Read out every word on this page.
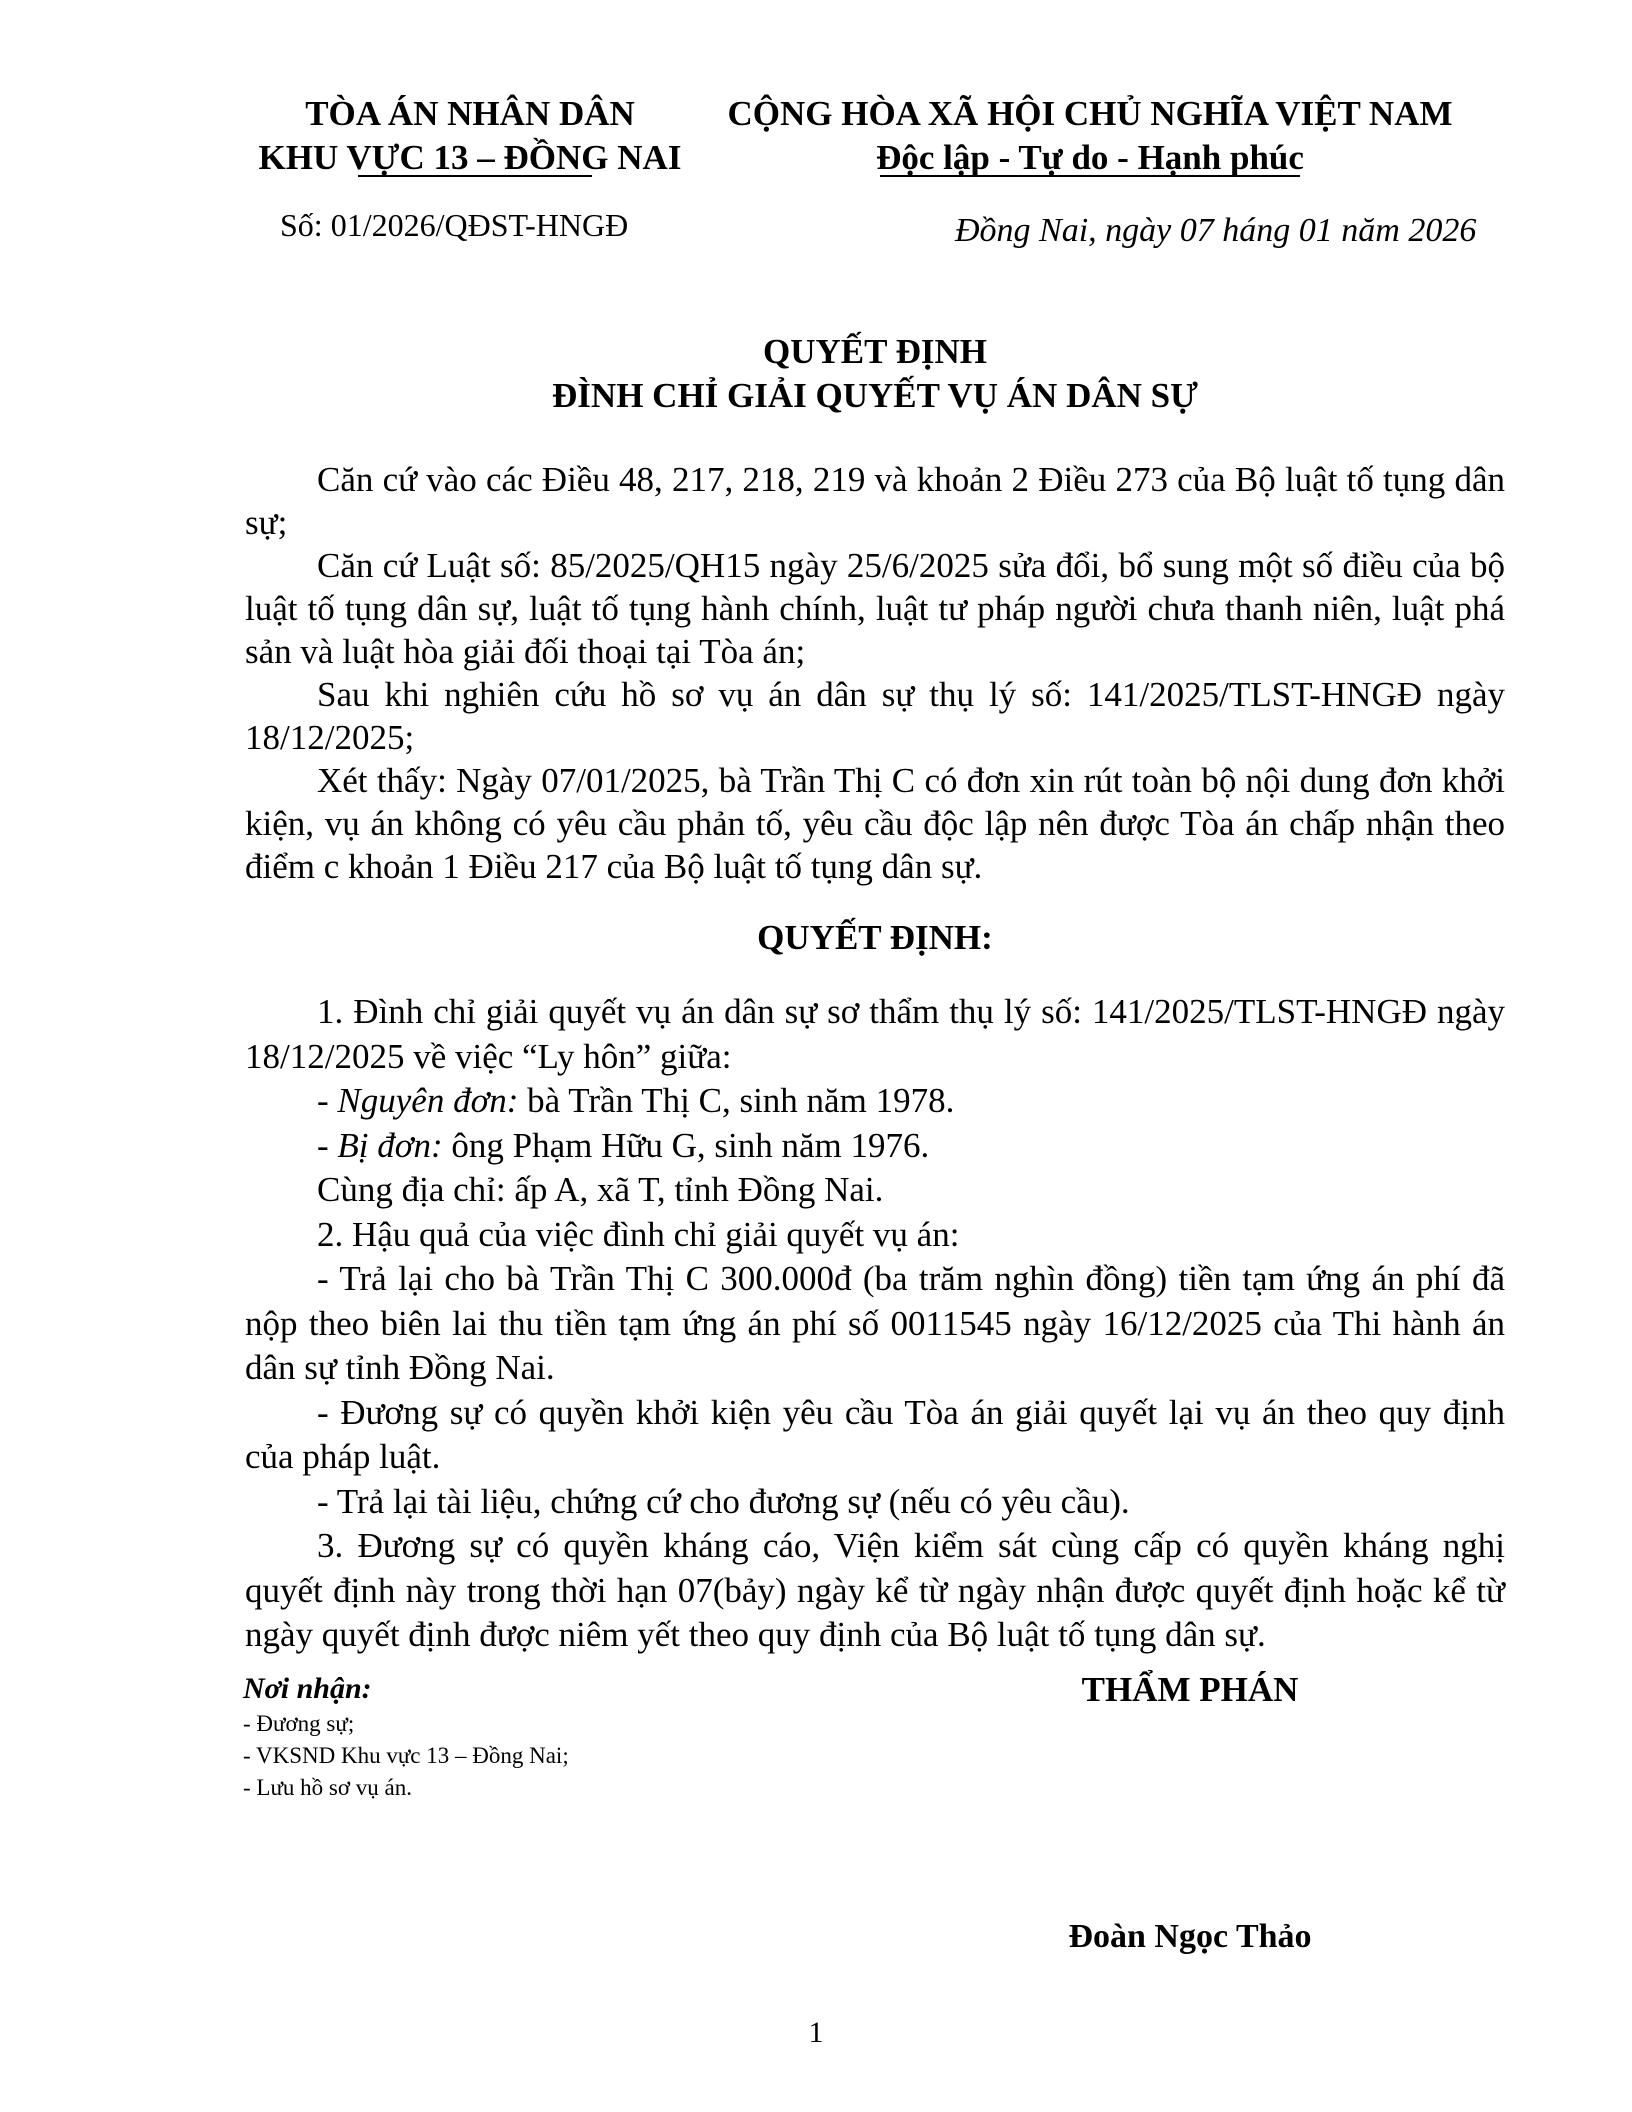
TÒA ÁN NHÂN DÂN
KHU VỰC 13 – ĐỒNG NAI
CỘNG HÒA XÃ HỘI CHỦ NGHĨA VIỆT NAM
Độc lập - Tự do - Hạnh phúc
Số: 01/2026/QĐST-HNGĐ	Đồng Nai, ngày 07 háng 01 năm 2026
QUYẾT ĐỊNH
ĐÌNH CHỈ GIẢI QUYẾT VỤ ÁN DÂN SỰ

Căn cứ vào các Điều 48, 217, 218, 219 và khoản 2 Điều 273 của Bộ luật tố tụng dân sự;

Căn cứ Luật số: 85/2025/QH15 ngày 25/6/2025 sửa đổi, bổ sung một số điều của bộ luật tố tụng dân sự, luật tố tụng hành chính, luật tư pháp người chưa thanh niên, luật phá sản và luật hòa giải đối thoại tại Tòa án;

Sau khi nghiên cứu hồ sơ vụ án dân sự thụ lý số: 141/2025/TLST-HNGĐ ngày 18/12/2025;

Xét thấy: Ngày 07/01/2025, bà Trần Thị C có đơn xin rút toàn bộ nội dung đơn khởi kiện, vụ án không có yêu cầu phản tố, yêu cầu độc lập nên được Tòa án chấp nhận theo điểm c khoản 1 Điều 217 của Bộ luật tố tụng dân sự.

QUYẾT ĐỊNH:

1. Đình chỉ giải quyết vụ án dân sự sơ thẩm thụ lý số: 141/2025/TLST-HNGĐ ngày 18/12/2025 về việc “Ly hôn” giữa:

- Nguyên đơn: bà Trần Thị C, sinh năm 1978.

- Bị đơn: ông Phạm Hữu G, sinh năm 1976.

Cùng địa chỉ: ấp A, xã T, tỉnh Đồng Nai.

2. Hậu quả của việc đình chỉ giải quyết vụ án:

- Trả lại cho bà Trần Thị C 300.000đ (ba trăm nghìn đồng) tiền tạm ứng án phí đã nộp theo biên lai thu tiền tạm ứng án phí số 0011545 ngày 16/12/2025 của Thi hành án dân sự tỉnh Đồng Nai.

- Đương sự có quyền khởi kiện yêu cầu Tòa án giải quyết lại vụ án theo quy định của pháp luật.

- Trả lại tài liệu, chứng cứ cho đương sự (nếu có yêu cầu).

3. Đương sự có quyền kháng cáo, Viện kiểm sát cùng cấp có quyền kháng nghị quyết định này trong thời hạn 07(bảy) ngày kể từ ngày nhận được quyết định hoặc kể từ ngày quyết định được niêm yết theo quy định của Bộ luật tố tụng dân sự.

Nơi nhận:
- Đương sự;
- VKSND Khu vực 13 – Đồng Nai;
- Lưu hồ sơ vụ án.
THẨM PHÁN
Đoàn Ngọc Thảo
1
